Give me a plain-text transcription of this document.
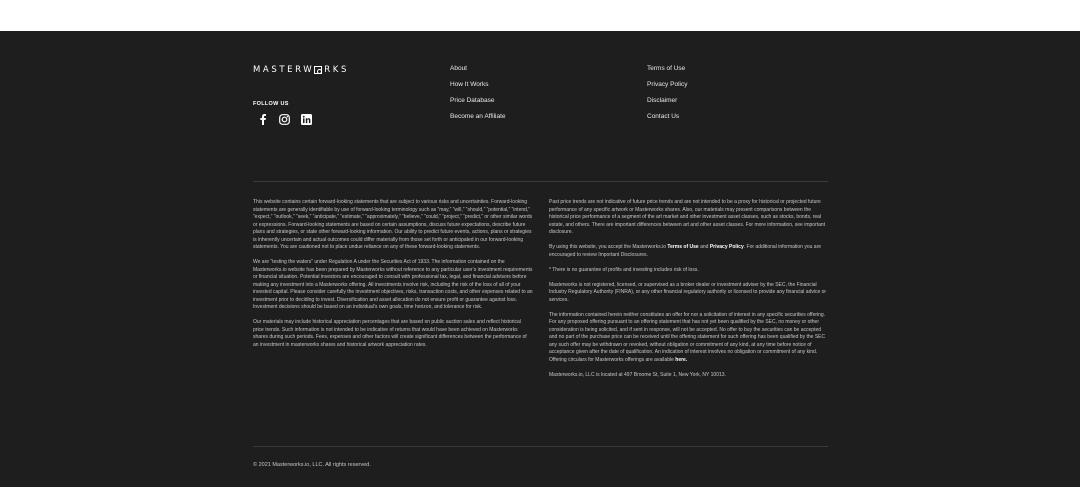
MASTERW RKS
FOLLOW US
About
How It Works
Price Database
Become an Affiliate
Terms of Use
Privacy Policy
Disclaimer
Contact Us

This website contains certain forward-looking statements that are subject to various risks and uncertainties. Forward-looking statements are generally identifiable by use of forward-looking terminology such as “may,” “will,” “should,” “potential,” “intend,” “expect,” “outlook,” “seek,” “anticipate,” “estimate,” “approximately,” “believe,” “could,” “project,” “predict,” or other similar words or expressions. Forward-looking statements are based on certain assumptions, discuss future expectations, describe future plans and strategies, or state other forward-looking information. Our ability to predict future events, actions, plans or strategies is inherently uncertain and actual outcomes could differ materially from those set forth or anticipated in our forward-looking statements. You are cautioned not to place undue reliance on any of these forward-looking statements.

We are “testing the waters” under Regulation A under the Securities Act of 1933. The information contained on the Masterworks.io website has been prepared by Masterworks without reference to any particular user’s investment requirements or financial situation. Potential investors are encouraged to consult with professional tax, legal, and financial advisors before making any investment into a Masterworks offering. All investments involve risk, including the risk of the loss of all of your invested capital. Please consider carefully the investment objectives, risks, transaction costs, and other expenses related to an investment prior to deciding to invest. Diversification and asset allocation do not ensure profit or guarantee against loss. Investment decisions should be based on an individual’s own goals, time horizon, and tolerance for risk.

Our materials may include historical appreciation percentages that are based on public auction sales and reflect historical price trends. Such information is not intended to be indicative of returns that would have been achieved on Masterworks shares during such periods. Fees, expenses and other factors will create significant differences between the performance of an investment in masterworks shares and historical artwork appreciation rates.

Past price trends are not indicative of future price trends and are not intended to be a proxy for historical or projected future performance of any specific artwork or Masterworks shares. Also, our materials may present comparisons between the historical price performance of a segment of the art market and other investment asset classes, such as stocks, bonds, real estate, and others. There are important differences between art and other asset classes. For more information, see important disclosure.

By using this website, you accept the Masterworks.io Terms of Use and Privacy Policy. For additional information you are encouraged to review Important Disclosures.

* There is no guarantee of profits and investing includes risk of loss.

Masterworks is not registered, licensed, or supervised as a broker dealer or investment adviser by the SEC, the Financial Industry Regulatory Authority (FINRA), or any other financial regulatory authority or licensed to provide any financial advice or services.

The information contained herein neither constitutes an offer for nor a solicitation of interest in any specific securities offering. For any proposed offering pursuant to an offering statement that has not yet been qualified by the SEC, no money or other consideration is being solicited, and if sent in response, will not be accepted. No offer to buy the securities can be accepted and no part of the purchase price can be received until the offering statement for such offering has been qualified by the SEC any such offer may be withdrawn or revoked, without obligation or commitment of any kind, at any time before notice of acceptance given after the date of qualification. An indication of interest involves no obligation or commitment of any kind. Offering circulars for Masterworks offerings are available here.

Masterworks.io, LLC is located at 497 Broome St, Suite 1, New York, NY 10013.

© 2021 Masterworks.io, LLC. All rights reserved.
